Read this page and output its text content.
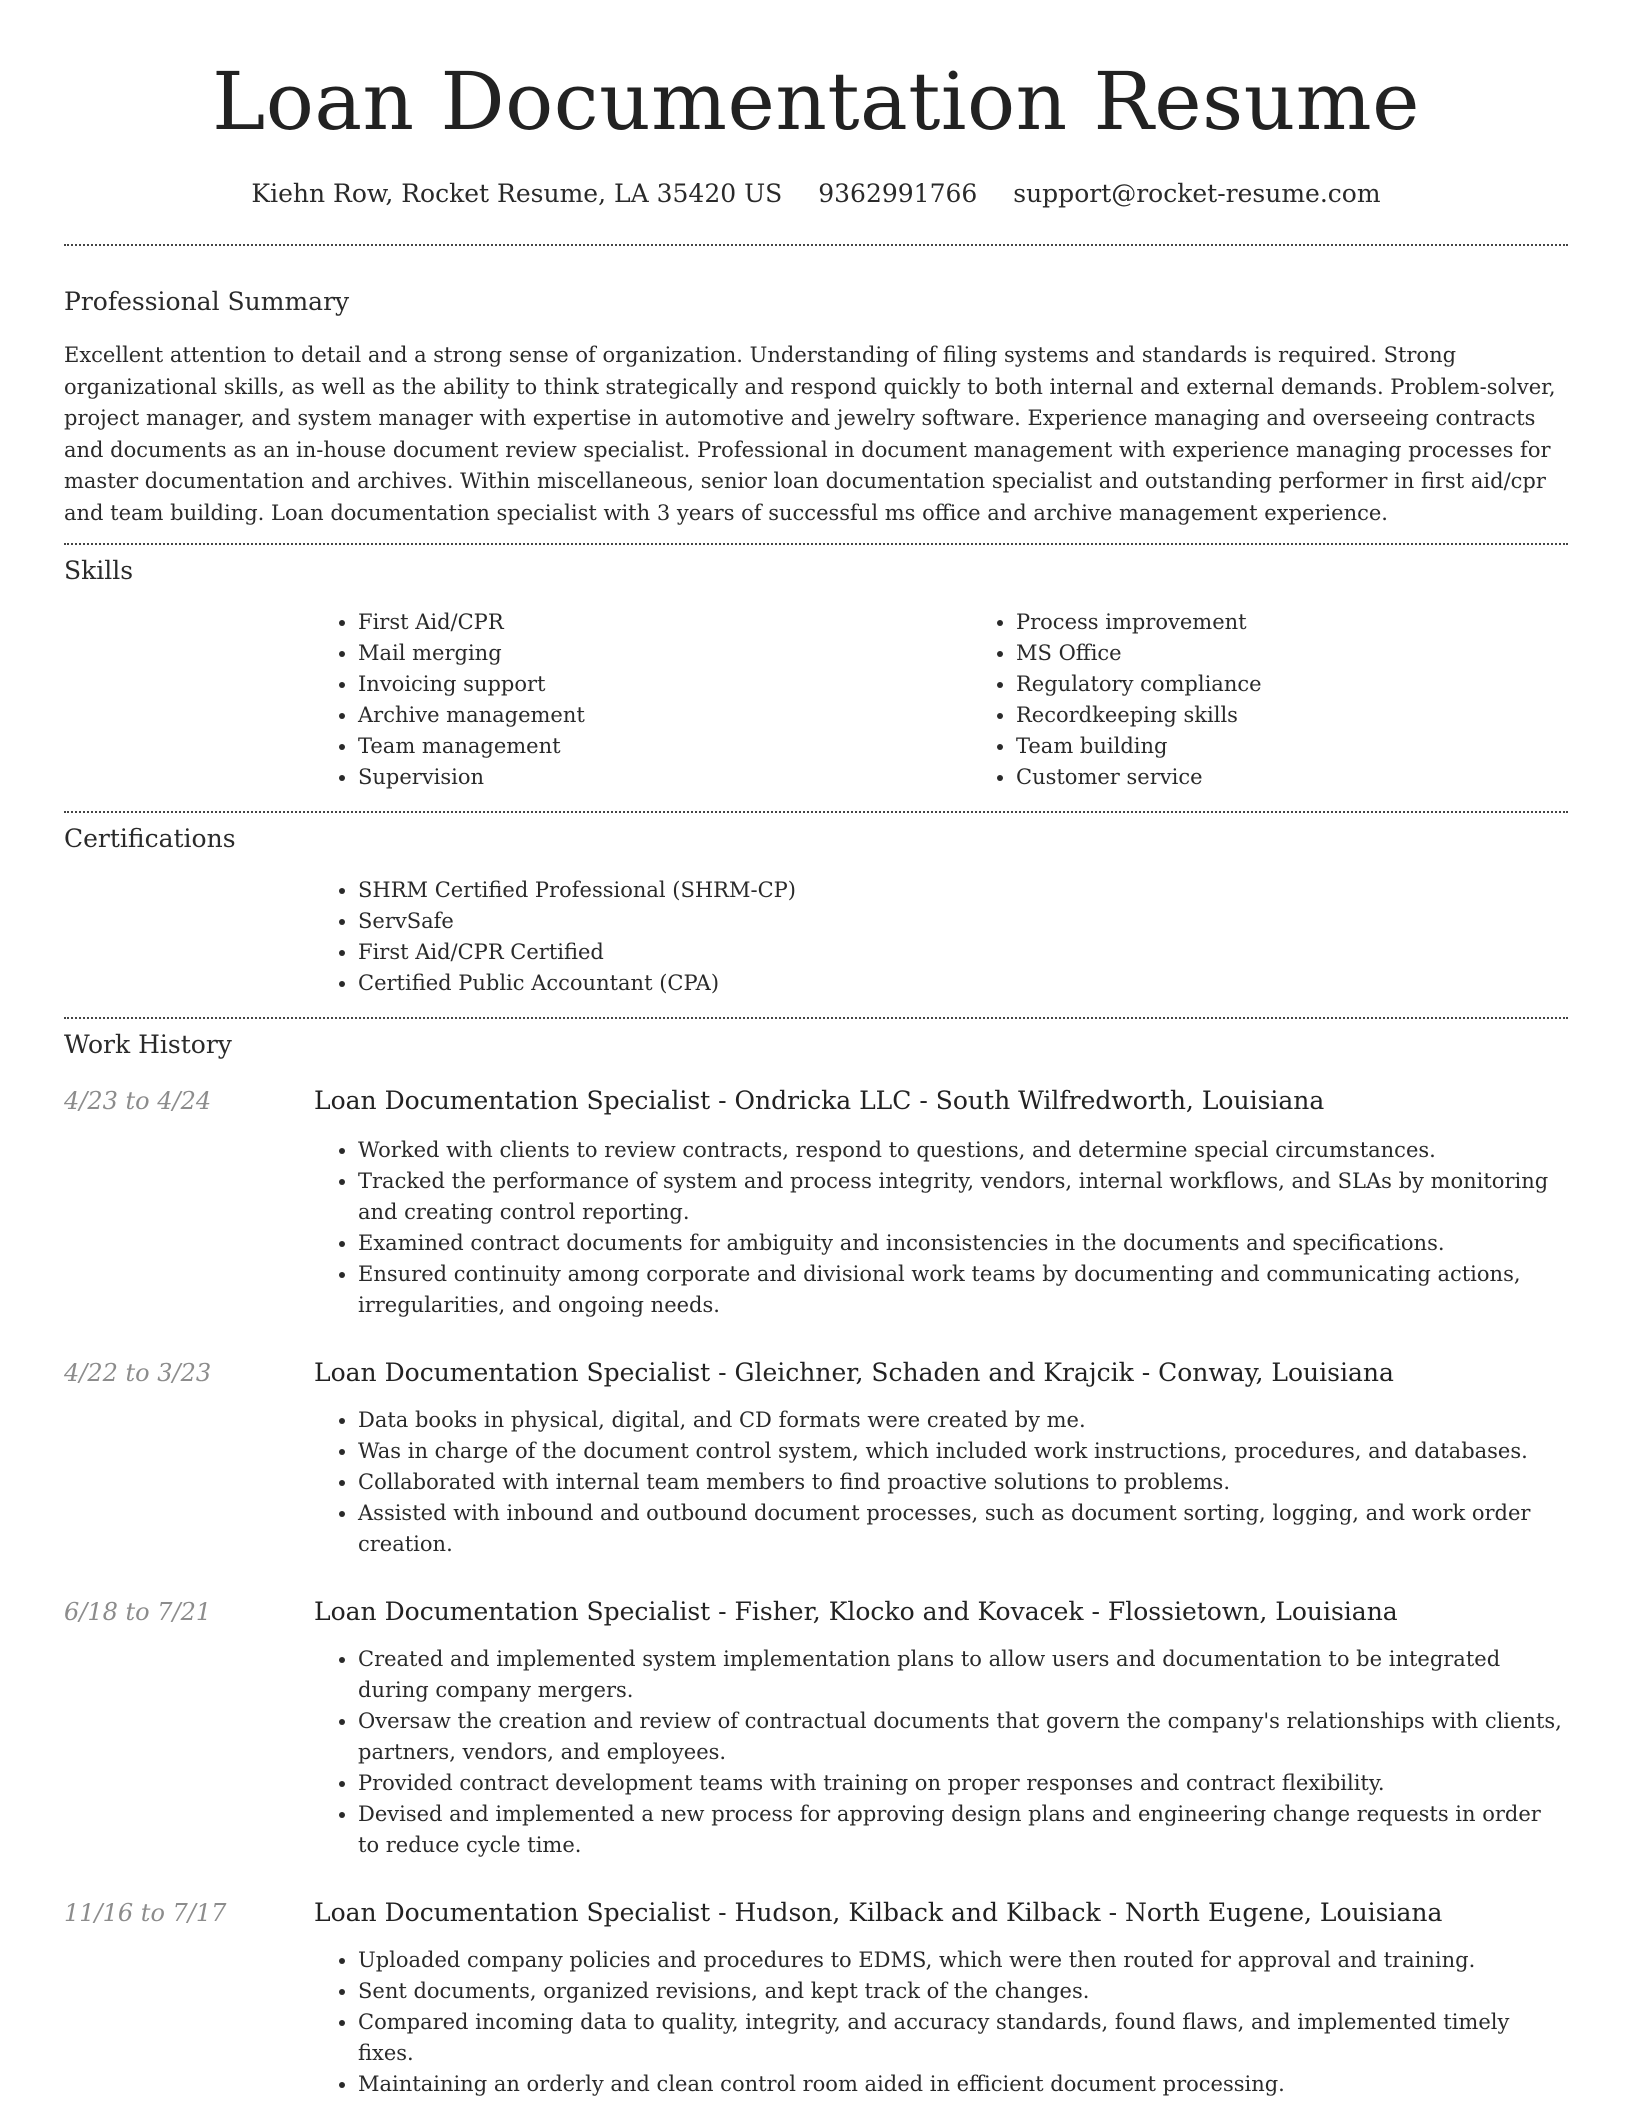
Loan Documentation Resume
Kiehn Row, Rocket Resume, LA 35420 US 9362991766 support@rocket-resume.com
Professional Summary

Excellent attention to detail and a strong sense of organization. Understanding of filing systems and standards is required. Strong organizational skills, as well as the ability to think strategically and respond quickly to both internal and external demands. Problem-solver, project manager, and system manager with expertise in automotive and jewelry software. Experience managing and overseeing contracts and documents as an in-house document review specialist. Professional in document management with experience managing processes for master documentation and archives. Within miscellaneous, senior loan documentation specialist and outstanding performer in first aid/cpr and team building. Loan documentation specialist with 3 years of successful ms office and archive management experience.

Skills
• First Aid/CPR
• Mail merging
• Invoicing support
• Archive management
• Team management
• Supervision
• Process improvement
• MS Office
• Regulatory compliance
• Recordkeeping skills
• Team building
• Customer service
Certifications
• SHRM Certified Professional (SHRM-CP)
• ServSafe
• First Aid/CPR Certified
• Certified Public Accountant (CPA)
Work History
4/23 to 4/24	Loan Documentation Specialist - Ondricka LLC - South Wilfredworth, Louisiana
• Worked with clients to review contracts, respond to questions, and determine special circumstances.
• Tracked the performance of system and process integrity, vendors, internal workflows, and SLAs by monitoring and creating control reporting.
• Examined contract documents for ambiguity and inconsistencies in the documents and specifications.
• Ensured continuity among corporate and divisional work teams by documenting and communicating actions, irregularities, and ongoing needs.
4/22 to 3/23	Loan Documentation Specialist - Gleichner, Schaden and Krajcik - Conway, Louisiana
• Data books in physical, digital, and CD formats were created by me.
• Was in charge of the document control system, which included work instructions, procedures, and databases.
• Collaborated with internal team members to find proactive solutions to problems.
• Assisted with inbound and outbound document processes, such as document sorting, logging, and work order creation.
6/18 to 7/21	Loan Documentation Specialist - Fisher, Klocko and Kovacek - Flossietown, Louisiana
• Created and implemented system implementation plans to allow users and documentation to be integrated during company mergers.
• Oversaw the creation and review of contractual documents that govern the company's relationships with clients, partners, vendors, and employees.
• Provided contract development teams with training on proper responses and contract flexibility.
• Devised and implemented a new process for approving design plans and engineering change requests in order to reduce cycle time.
11/16 to 7/17	Loan Documentation Specialist - Hudson, Kilback and Kilback - North Eugene, Louisiana
• Uploaded company policies and procedures to EDMS, which were then routed for approval and training.
• Sent documents, organized revisions, and kept track of the changes.
• Compared incoming data to quality, integrity, and accuracy standards, found flaws, and implemented timely fixes.
• Maintaining an orderly and clean control room aided in efficient document processing.
